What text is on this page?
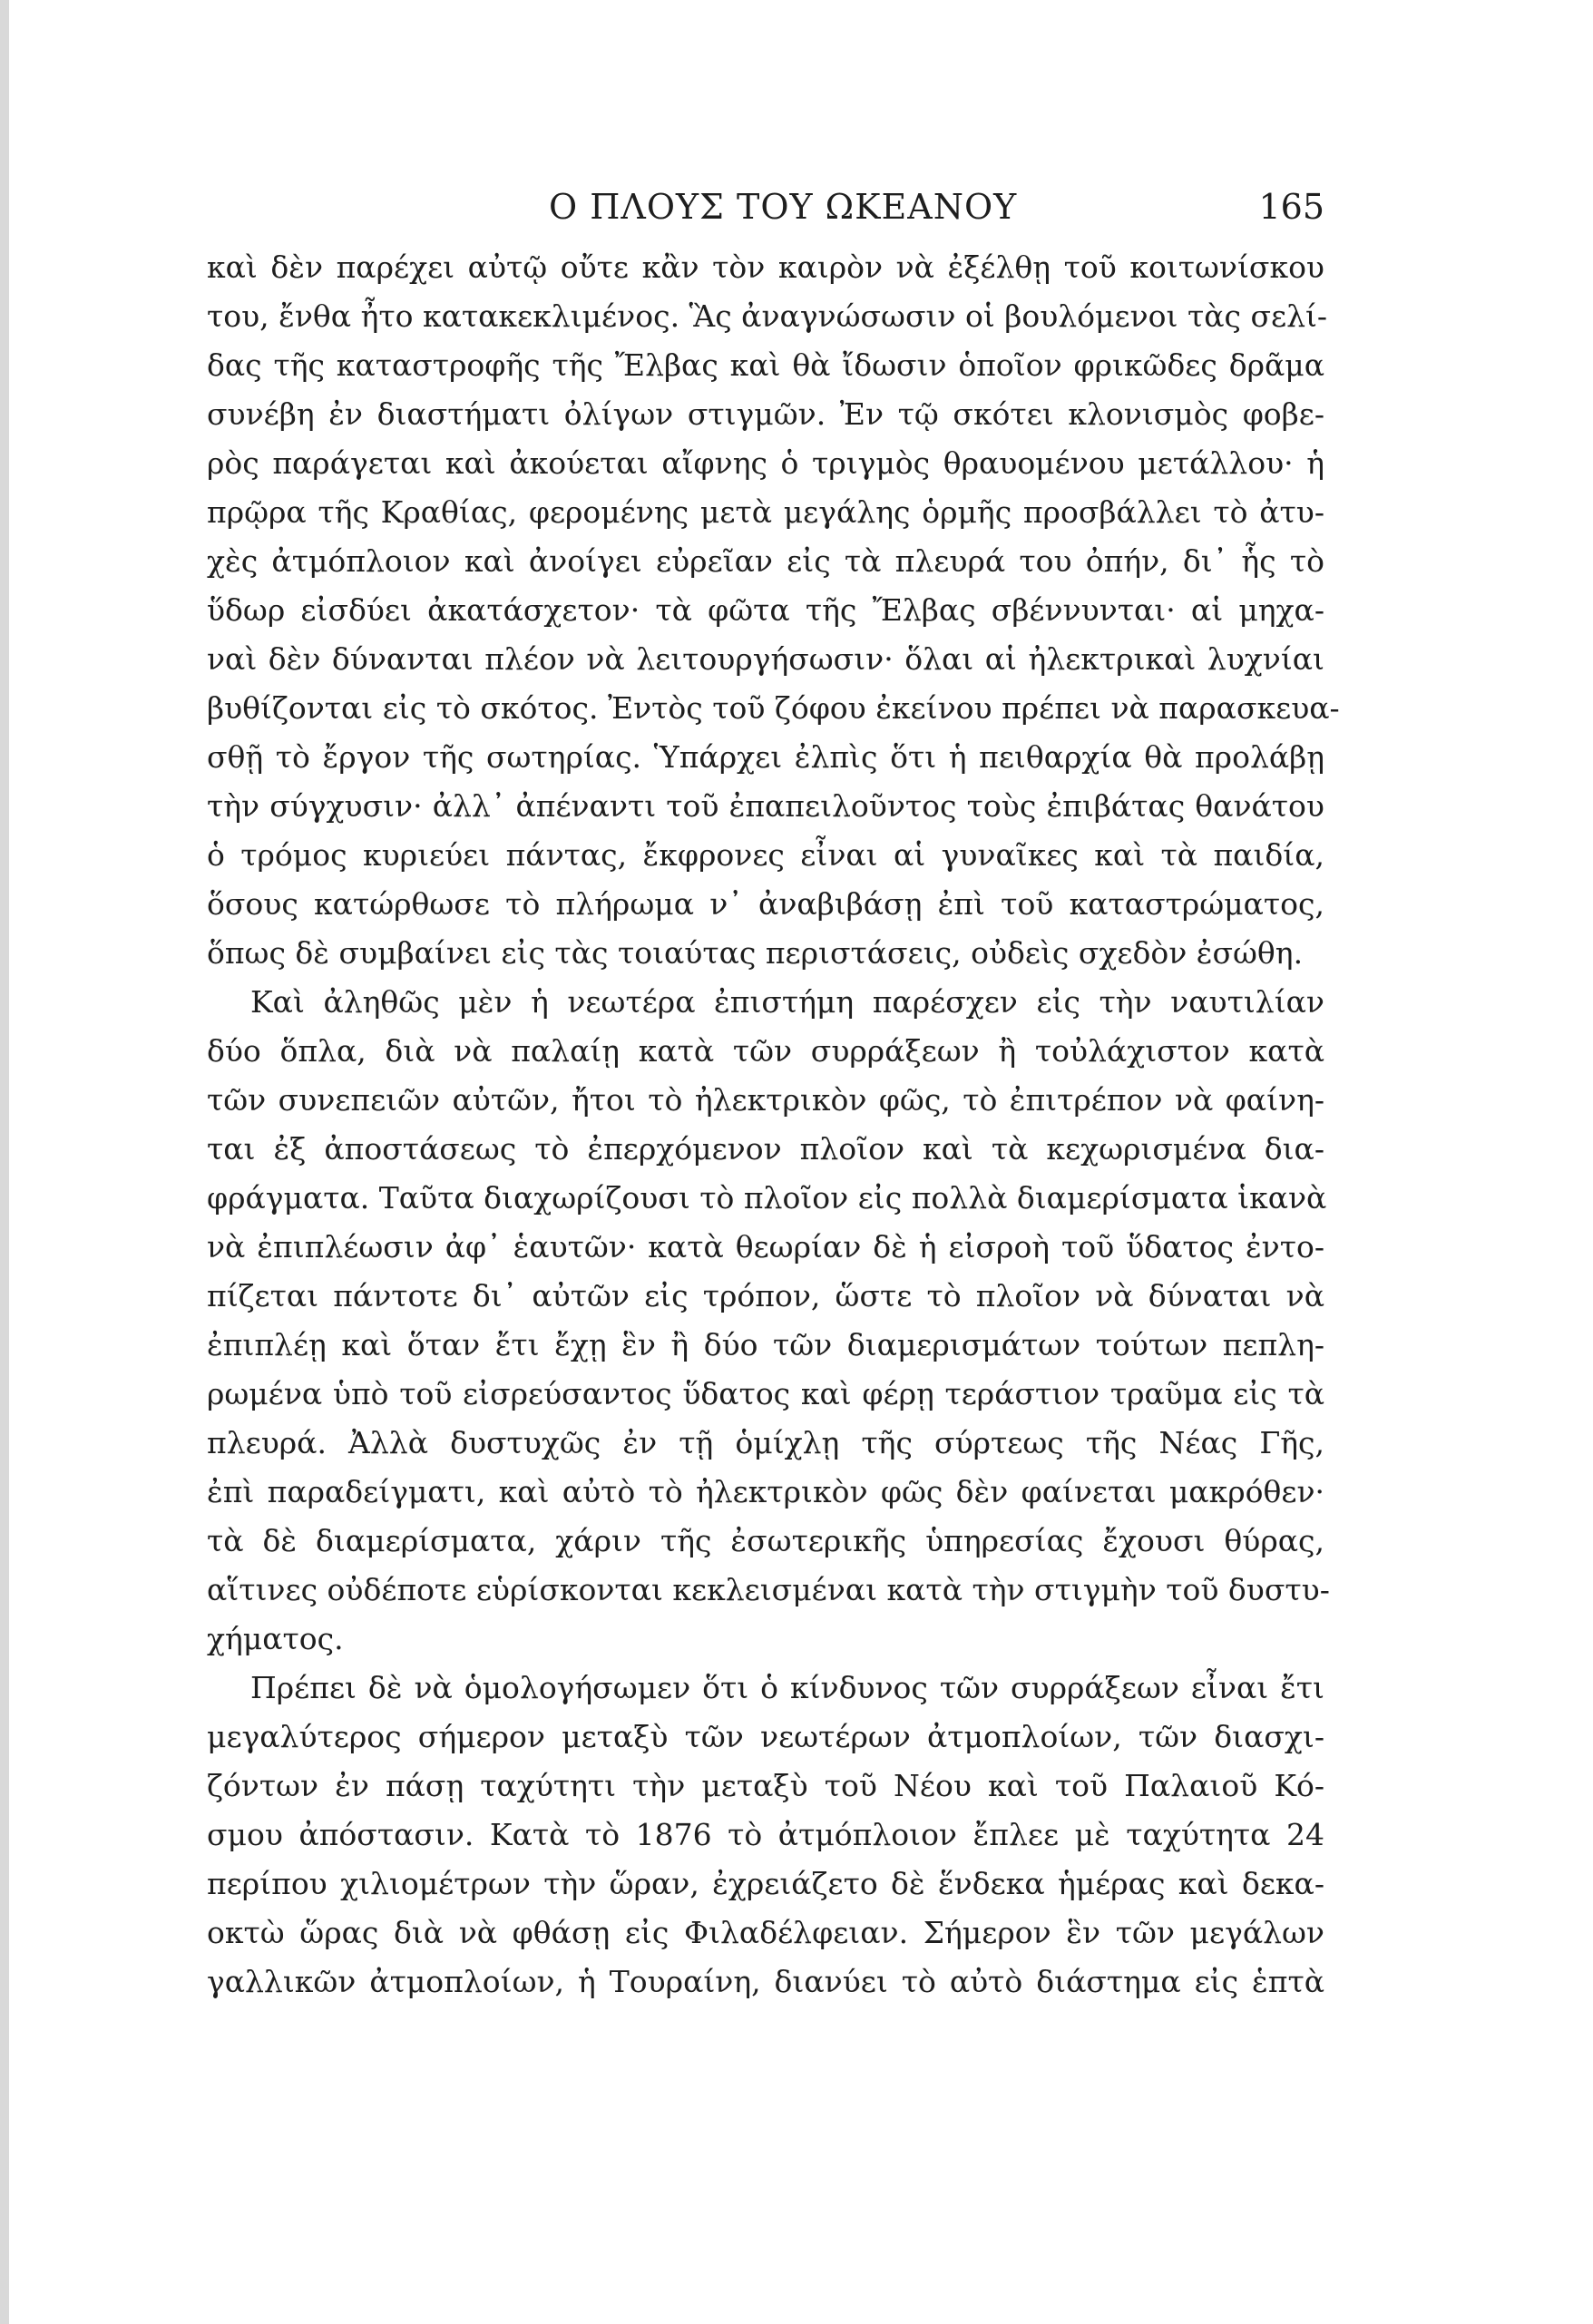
Ο ΠΛΟΥΣ ΤΟΥ ΩΚΕΑΝΟΥ	165
καὶ δὲν παρέχει αὐτῷ οὔτε κἂν τὸν καιρὸν νὰ ἐξέλθῃ τοῦ κοιτωνίσκου
του, ἔνθα ἦτο κατακεκλιμένος. Ἃς ἀναγνώσωσιν οἱ βουλόμενοι τὰς σελί-
δας τῆς καταστροφῆς τῆς Ἔλβας καὶ θὰ ἴδωσιν ὁποῖον φρικῶδες δρᾶμα
συνέβη ἐν διαστήματι ὀλίγων στιγμῶν. Ἐν τῷ σκότει κλονισμὸς φοβε-
ρὸς παράγεται καὶ ἀκούεται αἴφνης ὁ τριγμὸς θραυομένου μετάλλου· ἡ
πρῷρα τῆς Κραθίας, φερομένης μετὰ μεγάλης ὁρμῆς προσβάλλει τὸ ἀτυ-
χὲς ἀτμόπλοιον καὶ ἀνοίγει εὐρεῖαν εἰς τὰ πλευρά του ὀπήν, δι᾽ ἧς τὸ
ὕδωρ εἰσδύει ἀκατάσχετον· τὰ φῶτα τῆς Ἔλβας σβέννυνται· αἱ μηχα-
ναὶ δὲν δύνανται πλέον νὰ λειτουργήσωσιν· ὅλαι αἱ ἠλεκτρικαὶ λυχνίαι
βυθίζονται εἰς τὸ σκότος. Ἐντὸς τοῦ ζόφου ἐκείνου πρέπει νὰ παρασκευα-
σθῇ τὸ ἔργον τῆς σωτηρίας. Ὑπάρχει ἐλπὶς ὅτι ἡ πειθαρχία θὰ προλάβῃ
τὴν σύγχυσιν· ἀλλ᾽ ἀπέναντι τοῦ ἐπαπειλοῦντος τοὺς ἐπιβάτας θανάτου
ὁ τρόμος κυριεύει πάντας, ἔκφρονες εἶναι αἱ γυναῖκες καὶ τὰ παιδία,
ὅσους κατώρθωσε τὸ πλήρωμα ν᾽ ἀναβιβάσῃ ἐπὶ τοῦ καταστρώματος,
ὅπως δὲ συμβαίνει εἰς τὰς τοιαύτας περιστάσεις, οὐδεὶς σχεδὸν ἐσώθη.
Καὶ ἀληθῶς μὲν ἡ νεωτέρα ἐπιστήμη παρέσχεν εἰς τὴν ναυτιλίαν
δύο ὅπλα, διὰ νὰ παλαίῃ κατὰ τῶν συρράξεων ἢ τοὐλάχιστον κατὰ
τῶν συνεπειῶν αὐτῶν, ἤτοι τὸ ἠλεκτρικὸν φῶς, τὸ ἐπιτρέπον νὰ φαίνη-
ται ἐξ ἀποστάσεως τὸ ἐπερχόμενον πλοῖον καὶ τὰ κεχωρισμένα δια-
φράγματα. Ταῦτα διαχωρίζουσι τὸ πλοῖον εἰς πολλὰ διαμερίσματα ἱκανὰ
νὰ ἐπιπλέωσιν ἀφ᾽ ἑαυτῶν· κατὰ θεωρίαν δὲ ἡ εἰσροὴ τοῦ ὕδατος ἐντο-
πίζεται πάντοτε δι᾽ αὐτῶν εἰς τρόπον, ὥστε τὸ πλοῖον νὰ δύναται νὰ
ἐπιπλέῃ καὶ ὅταν ἔτι ἔχῃ ἓν ἢ δύο τῶν διαμερισμάτων τούτων πεπλη-
ρωμένα ὑπὸ τοῦ εἰσρεύσαντος ὕδατος καὶ φέρῃ τεράστιον τραῦμα εἰς τὰ
πλευρά. Ἀλλὰ δυστυχῶς ἐν τῇ ὁμίχλῃ τῆς σύρτεως τῆς Νέας Γῆς,
ἐπὶ παραδείγματι, καὶ αὐτὸ τὸ ἠλεκτρικὸν φῶς δὲν φαίνεται μακρόθεν·
τὰ δὲ διαμερίσματα, χάριν τῆς ἐσωτερικῆς ὑπηρεσίας ἔχουσι θύρας,
αἵτινες οὐδέποτε εὑρίσκονται κεκλεισμέναι κατὰ τὴν στιγμὴν τοῦ δυστυ-
χήματος.
Πρέπει δὲ νὰ ὁμολογήσωμεν ὅτι ὁ κίνδυνος τῶν συρράξεων εἶναι ἔτι
μεγαλύτερος σήμερον μεταξὺ τῶν νεωτέρων ἀτμοπλοίων, τῶν διασχι-
ζόντων ἐν πάσῃ ταχύτητι τὴν μεταξὺ τοῦ Νέου καὶ τοῦ Παλαιοῦ Κό-
σμου ἀπόστασιν. Κατὰ τὸ 1876 τὸ ἀτμόπλοιον ἔπλεε μὲ ταχύτητα 24
περίπου χιλιομέτρων τὴν ὥραν, ἐχρειάζετο δὲ ἕνδεκα ἡμέρας καὶ δεκα-
οκτὼ ὥρας διὰ νὰ φθάσῃ εἰς Φιλαδέλφειαν. Σήμερον ἓν τῶν μεγάλων
γαλλικῶν ἀτμοπλοίων, ἡ Τουραίνη, διανύει τὸ αὐτὸ διάστημα εἰς ἑπτὰ
